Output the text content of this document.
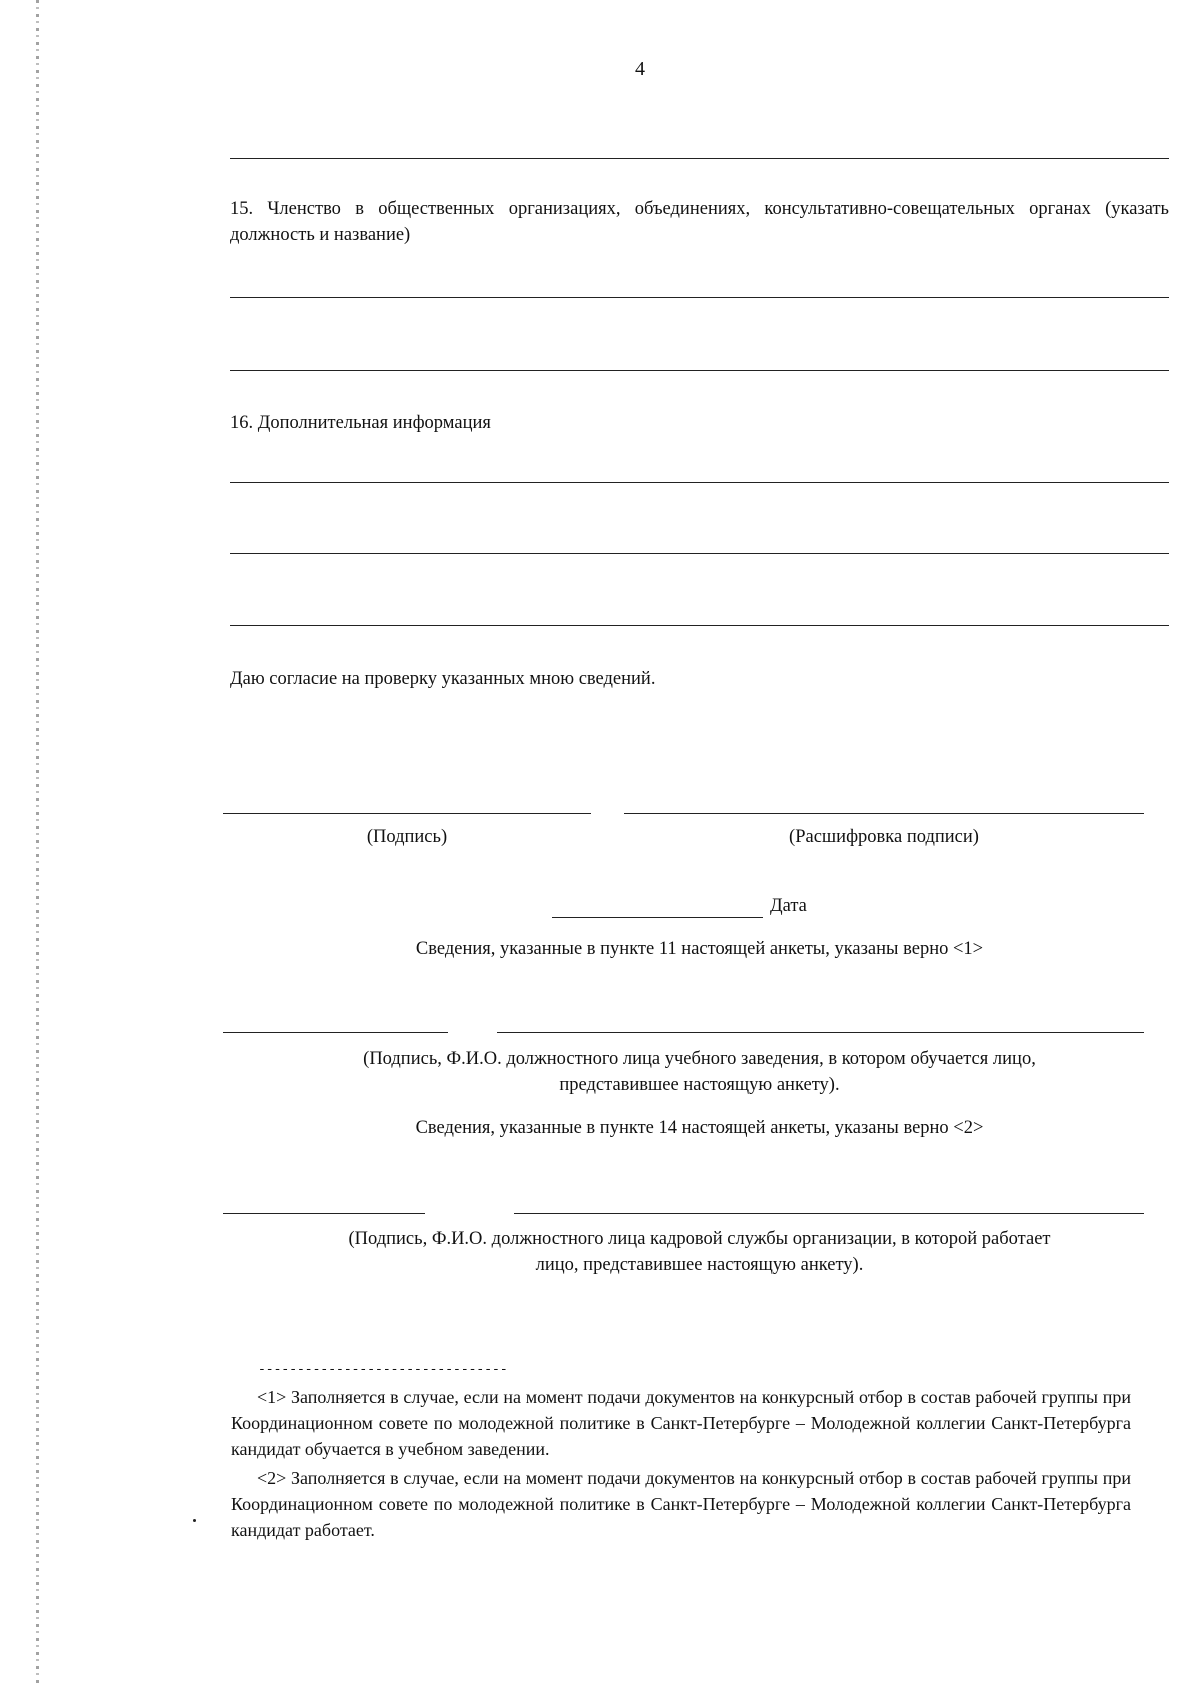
4
15. Членство в общественных организациях, объединениях, консультативно-совещательных органах (указать должность и название)
16. Дополнительная информация
Даю согласие на проверку указанных мною сведений.
(Подпись)	(Расшифровка подписи)
Дата
Сведения, указанные в пункте 11 настоящей анкеты, указаны верно <1>
(Подпись, Ф.И.О. должностного лица учебного заведения, в котором обучается лицо,
представившее настоящую анкету).
Сведения, указанные в пункте 14 настоящей анкеты, указаны верно <2>
(Подпись, Ф.И.О. должностного лица кадровой службы организации, в которой работает
лицо, представившее настоящую анкету).
--------------------------------
<1> Заполняется в случае, если на момент подачи документов на конкурсный отбор в состав рабочей группы при Координационном совете по молодежной политике в Санкт-Петербурге – Молодежной коллегии Санкт-Петербурга кандидат обучается в учебном заведении.
<2> Заполняется в случае, если на момент подачи документов на конкурсный отбор в состав рабочей группы при Координационном совете по молодежной политике в Санкт-Петербурге – Молодежной коллегии Санкт-Петербурга кандидат работает.
